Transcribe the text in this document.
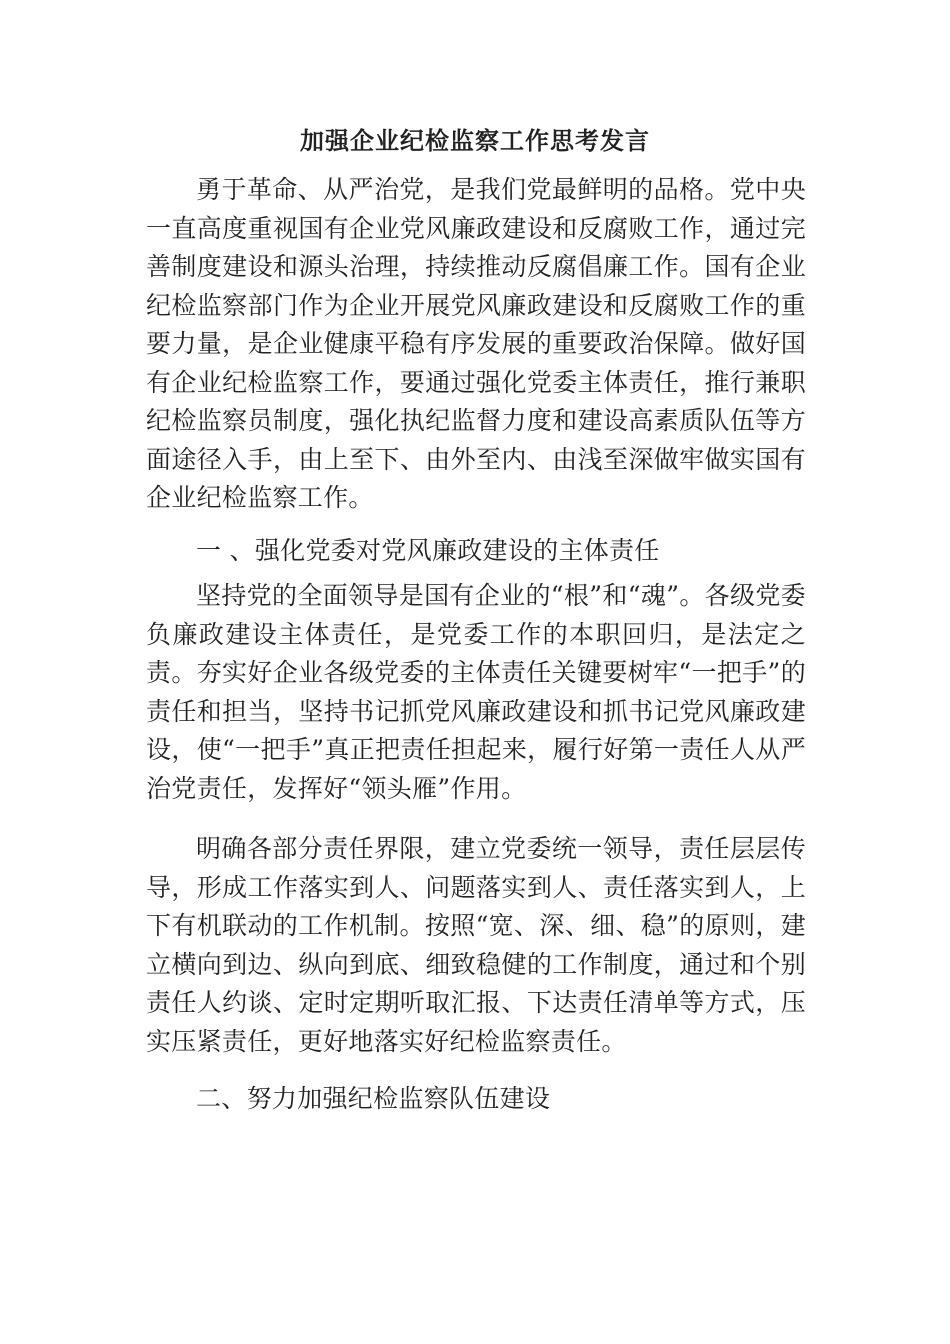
加强企业纪检监察工作思考发言

勇于革命、从严治党，是我们党最鲜明的品格。党中央一直高度重视国有企业党风廉政建设和反腐败工作，通过完善制度建设和源头治理，持续推动反腐倡廉工作。国有企业纪检监察部门作为企业开展党风廉政建设和反腐败工作的重要力量，是企业健康平稳有序发展的重要政治保障。做好国有企业纪检监察工作，要通过强化党委主体责任，推行兼职纪检监察员制度，强化执纪监督力度和建设高素质队伍等方面途径入手，由上至下、由外至内、由浅至深做牢做实国有企业纪检监察工作。

一 、强化党委对党风廉政建设的主体责任

坚持党的全面领导是国有企业的“根”和“魂”。各级党委负廉政建设主体责任，是党委工作的本职回归，是法定之责。夯实好企业各级党委的主体责任关键要树牢“一把手”的责任和担当，坚持书记抓党风廉政建设和抓书记党风廉政建设，使“一把手”真正把责任担起来，履行好第一责任人从严治党责任，发挥好“领头雁”作用。

明确各部分责任界限，建立党委统一领导，责任层层传导，形成工作落实到人、问题落实到人、责任落实到人，上下有机联动的工作机制。按照“宽、深、细、稳”的原则，建立横向到边、纵向到底、细致稳健的工作制度，通过和个别责任人约谈、定时定期听取汇报、下达责任清单等方式，压实压紧责任，更好地落实好纪检监察责任。

二、努力加强纪检监察队伍建设
